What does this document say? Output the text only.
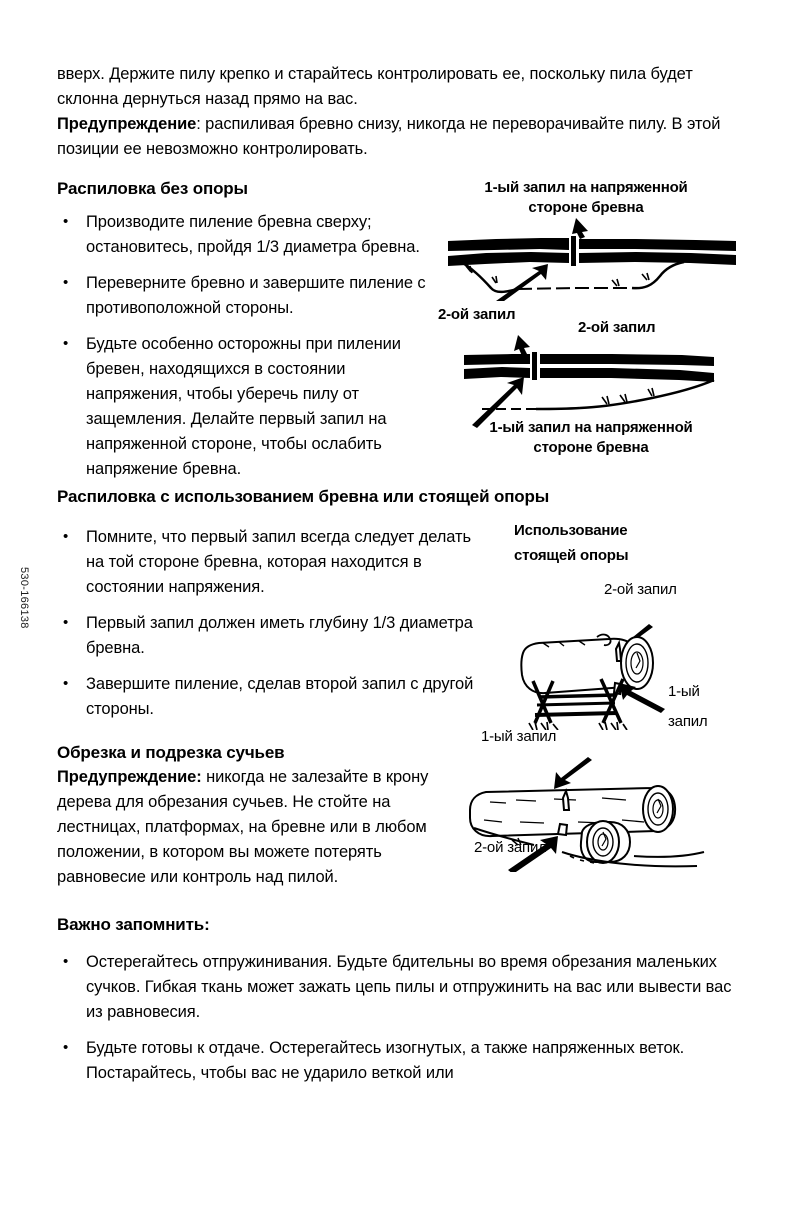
530-166138

вверх. Держите пилу крепко и старайтесь контролировать ее, поскольку пила будет склонна дернуться назад прямо на вас.

Предупреждение: распиливая бревно снизу, никогда не переворачивайте пилу. В этой позиции ее невозможно контролировать.

Распиловка без опоры
• Производите пиление бревна сверху; остановитесь, пройдя 1/3 диаметра бревна.
• Переверните бревно и завершите пиление с противоположной стороны.
• Будьте особенно осторожны при пилении бревен, находящихся в состоянии напряжения, чтобы уберечь пилу от защемления. Делайте первый запил на напряженной стороне, чтобы ослабить напряжение бревна.
1-ый запил на напряженной
стороне бревна
2-ой запил
2-ой запил
1-ый запил на напряженной
стороне бревна
Распиловка с использованием бревна или стоящей опоры
• Помните, что первый запил всегда следует делать на той стороне бревна, которая находится в состоянии напряжения.
• Первый запил должен иметь глубину 1/3 диаметра бревна.
• Завершите пиление, сделав второй запил с другой стороны.
Использование
стоящей опоры
2-ой запил
1-ый
запил
Обрезка и подрезка сучьев

Предупреждение: никогда не залезайте в крону дерева для обрезания сучьев. Не стойте на лестницах, платформах, на бревне или в любом положении, в котором вы можете потерять равновесие или контроль над пилой.

1-ый запил
2-ой запил
Важно запомнить:
• Остерегайтесь отпружинивания. Будьте бдительны во время обрезания маленьких сучков. Гибкая ткань может зажать цепь пилы и отпружинить на вас или вывести вас из равновесия.
• Будьте готовы к отдаче. Остерегайтесь изогнутых, а также напряженных веток. Постарайтесь, чтобы вас не ударило веткой или
